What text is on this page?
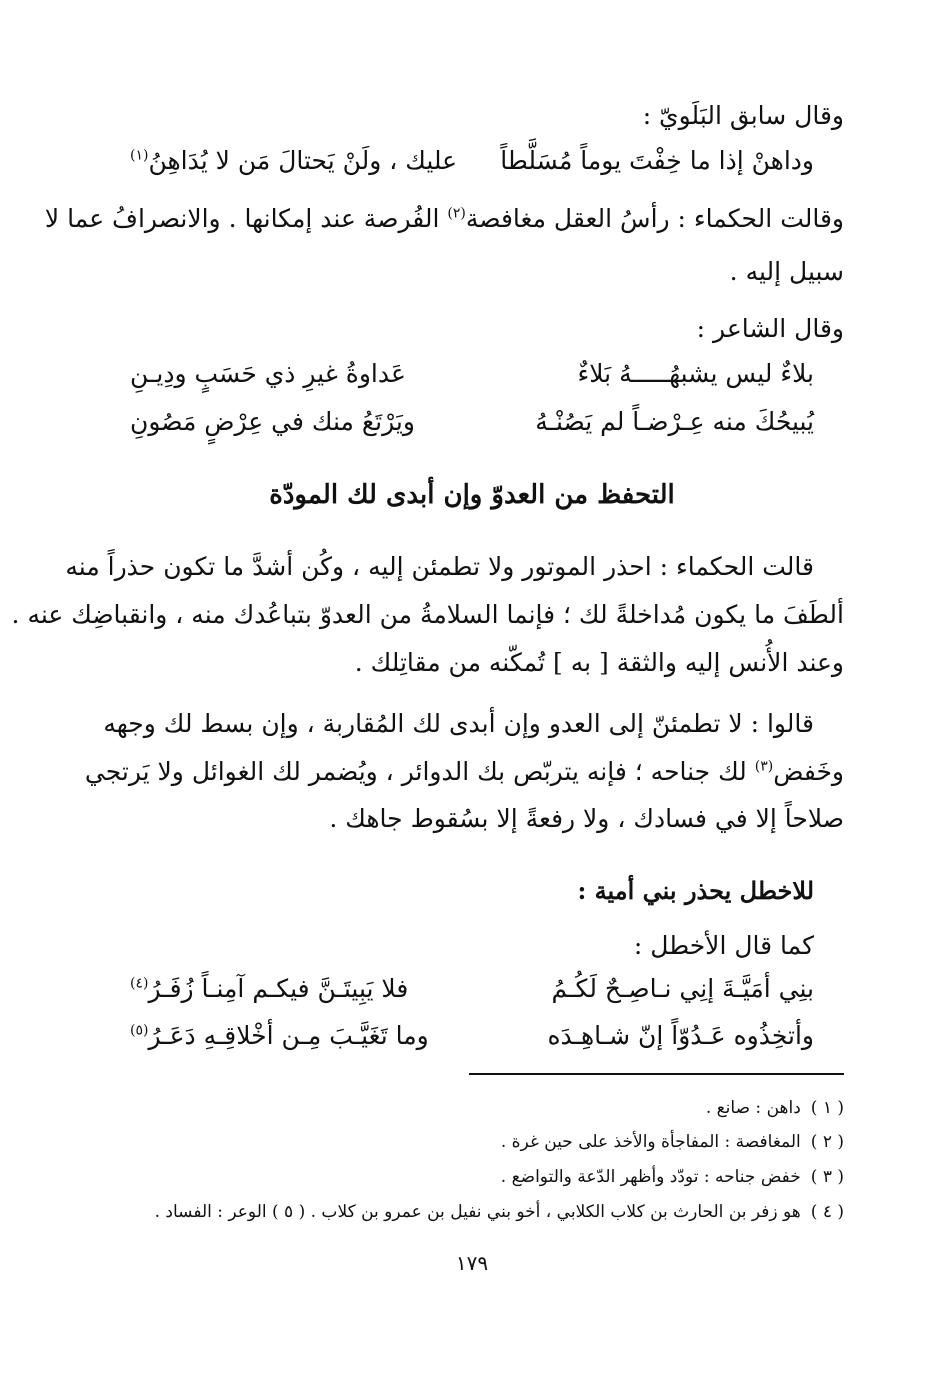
وقال سابق البَلَويّ :
وداهنْ إذا ما خِفْتَ يوماً مُسَلَّطاً
عليك ، ولَنْ يَحتالَ مَن لا يُدَاهِنُ$^{(١)}$
وقالت الحكماء : رأسُ العقل مغافصة$^{(٢)}$ الفُرصة عند إمكانها . والانصرافُ عما لا
سبيل إليه .
وقال الشاعر :
بلاءٌ ليس يشبهُـــــهُ بَلاءٌ
عَداوةُ غيرِ ذي حَسَبٍ ودِيـنِ
يُبيحُكَ منه عِـرْضـاً لم يَصُنْـهُ
ويَرْتَعُ منك في عِرْضٍ مَصُونِ
التحفظ من العدوّ وإن أبدى لك المودّة
قالت الحكماء : احذر الموتور ولا تطمئن إليه ، وكُن أشدَّ ما تكون حذراً منه
ألطَفَ ما يكون مُداخلةً لك ؛ فإنما السلامةُ من العدوّ بتباعُدك منه ، وانقباضِك عنه .
وعند الأُنس إليه والثقة [ به ] تُمكّنه من مقاتِلك .
قالوا : لا تطمئنّ إلى العدو وإن أبدى لك المُقاربة ، وإن بسط لك وجهه
وخَفض$^{(٣)}$ لك جناحه ؛ فإنه يتربّص بك الدوائر ، ويُضمر لك الغوائل ولا يَرتجي
صلاحاً إلا في فسادك ، ولا رفعةً إلا بسُقوط جاهك .
للاخطل يحذر بني أمية :
كما قال الأخطل :
بنِي أمَيَّـةَ إنِي نـاصِـحٌ لَكُـمُ
فلا يَبِيتَـنَّ فيكـم آمِنـاً زُفَـرُ$^{(٤)}$
وأتخِذُوه عَـدُوّاً إنّ شـاهِـدَه
وما تَغَيَّـبَ مِـن أخْلاقِـهِ دَعَـرُ$^{(٥)}$
( ١ )داهن : صانع .
( ٢ )المغافصة : المفاجأة والأخذ على حين غرة .
( ٣ )خفض جناحه : تودّد وأظهر الدّعة والتواضع .
( ٤ )هو زفر بن الحارث بن كلاب الكلابي ، أخو بني نفيل بن عمرو بن كلاب . ( ٥ ) الوعر : الفساد .
١٧٩
